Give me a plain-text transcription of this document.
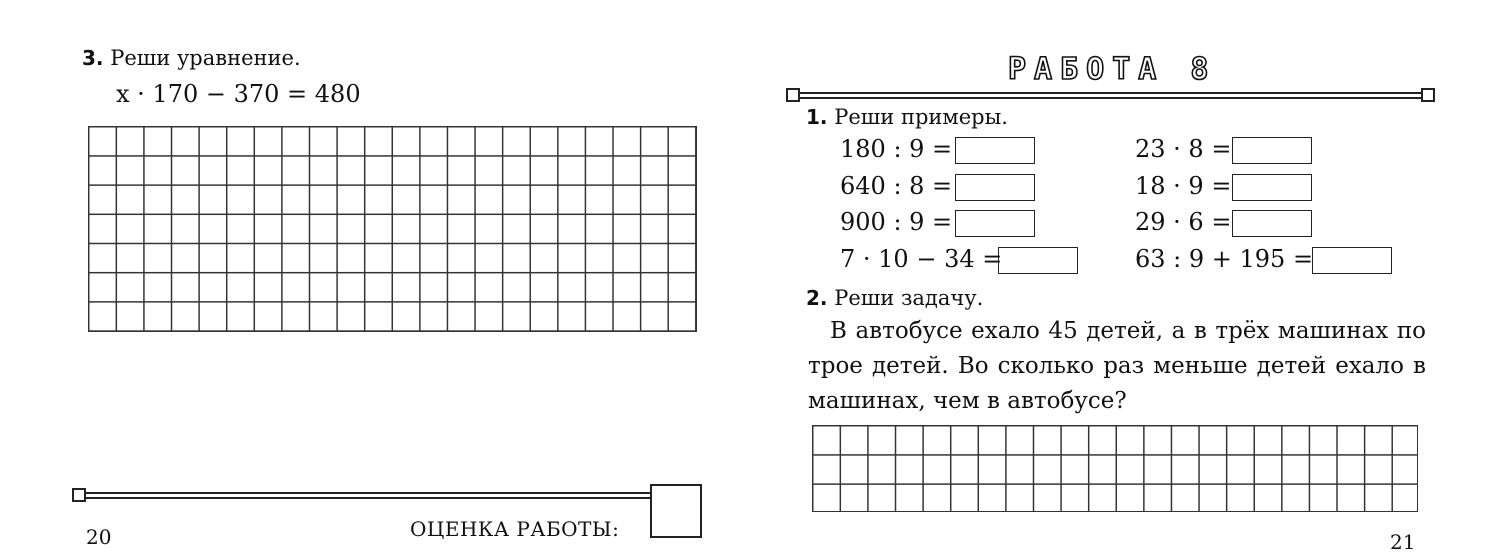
3. Реши уравнение.
x · 170 − 370 = 480
ОЦЕНКА РАБОТЫ:
20
РАБОТА 8
1. Реши примеры.
180 : 9 =
640 : 8 =
900 : 9 =
7 · 10 − 34 =
23 · 8 =
18 · 9 =
29 · 6 =
63 : 9 + 195 =
2. Реши задачу.
В автобусе ехало 45 детей, а в трёх машинах по трое детей. Во сколько раз меньше детей ехало в машинах, чем в автобусе?
21
